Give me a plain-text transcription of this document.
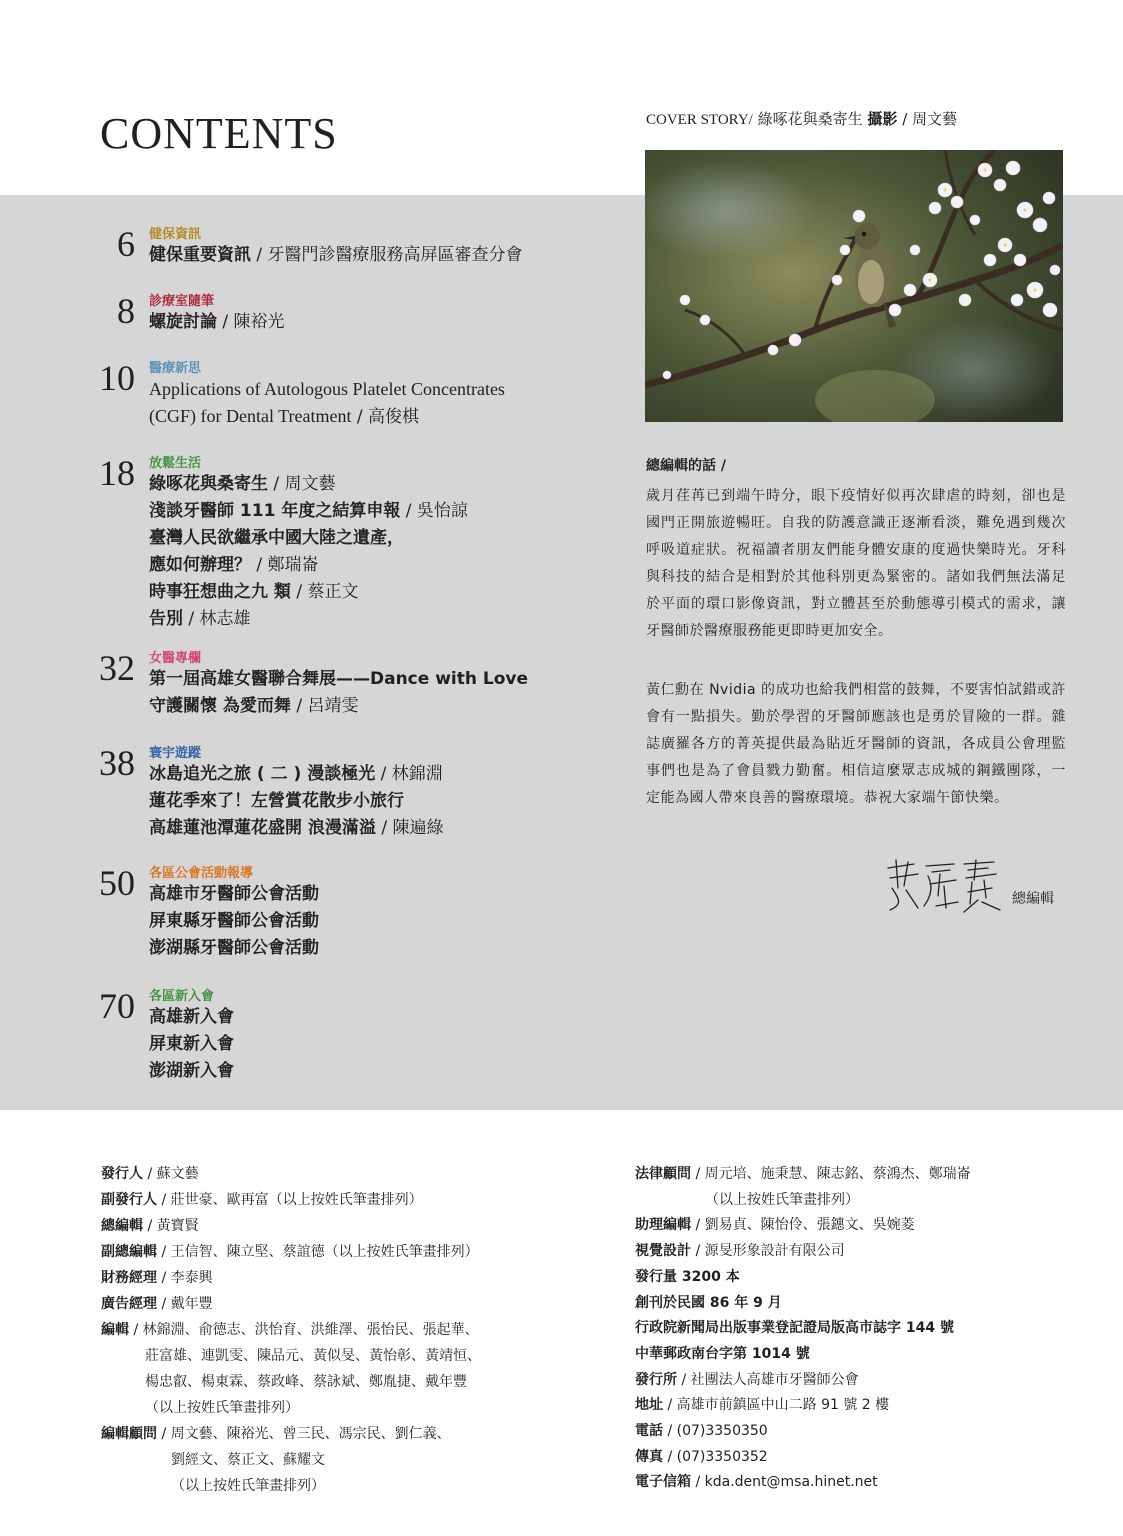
CONTENTS	COVER STORY/ 綠啄花與桑寄生 攝影 / 周文藝
6 健保資訊
健保重要資訊 / 牙醫門診醫療服務高屏區審查分會
8 診療室隨筆
螺旋討論 / 陳裕光
10 醫療新思
Applications of Autologous Platelet Concentrates
(CGF) for Dental Treatment / 高俊棋
18 放鬆生活
綠啄花與桑寄生 / 周文藝
淺談牙醫師 111 年度之結算申報 / 吳怡諒
臺灣人民欲繼承中國大陸之遺產，
應如何辦理？ / 鄭瑞崙
時事狂想曲之九 類 / 蔡正文
告別 / 林志雄
32 女醫專欄
第一屆高雄女醫聯合舞展——Dance with Love
守護關懷 為愛而舞 / 呂靖雯
38 寰宇遊蹤
冰島追光之旅 ( 二 ) 漫談極光 / 林錦淵
蓮花季來了！左營賞花散步小旅行
高雄蓮池潭蓮花盛開 浪漫滿溢 / 陳遍綠
50 各區公會活動報導
高雄市牙醫師公會活動
屏東縣牙醫師公會活動
澎湖縣牙醫師公會活動
70 各區新入會
高雄新入會
屏東新入會
澎湖新入會
總編輯的話 /

歲月荏苒已到端午時分，眼下疫情好似再次肆虐的時刻，卻也是國門正開旅遊暢旺。自我的防護意識正逐漸看淡，難免遇到幾次呼吸道症狀。祝福讀者朋友們能身體安康的度過快樂時光。牙科與科技的結合是相對於其他科別更為緊密的。諸如我們無法滿足於平面的環口影像資訊，對立體甚至於動態導引模式的需求，讓牙醫師於醫療服務能更即時更加安全。

黃仁勳在 Nvidia 的成功也給我們相當的鼓舞，不要害怕試錯或許會有一點損失。勤於學習的牙醫師應該也是勇於冒險的一群。雜誌廣羅各方的菁英提供最為貼近牙醫師的資訊，各成員公會理監事們也是為了會員戮力勤奮。相信這麼眾志成城的鋼鐵團隊，一定能為國人帶來良善的醫療環境。恭祝大家端午節快樂。

總編輯
發行人 / 蘇文藝
副發行人 / 莊世豪、歐再富（以上按姓氏筆畫排列）
總編輯 / 黃寶賢
副總編輯 / 王信智、陳立堅、蔡誼德（以上按姓氏筆畫排列）
財務經理 / 李泰興
廣告經理 / 戴年豐
編輯 / 林錦淵、俞德志、洪怡育、洪維澤、張怡民、張起華、
莊富雄、連凱雯、陳品元、黃似旻、黃怡彰、黃靖恒、
楊忠叡、楊東霖、蔡政峰、蔡詠斌、鄭胤捷、戴年豐
（以上按姓氏筆畫排列）
編輯顧問 / 周文藝、陳裕光、曾三民、馮宗民、劉仁義、
劉經文、蔡正文、蘇耀文
（以上按姓氏筆畫排列）
法律顧問 / 周元培、施秉慧、陳志銘、蔡鴻杰、鄭瑞崙
（以上按姓氏筆畫排列）
助理編輯 / 劉易貞、陳怡伶、張鏸文、吳婉菱
視覺設計 / 源旻形象設計有限公司
發行量 3200 本
創刊於民國 86 年 9 月
行政院新聞局出版事業登記證局版高市誌字 144 號
中華郵政南台字第 1014 號
發行所 / 社團法人高雄市牙醫師公會
地址 / 高雄市前鎮區中山二路 91 號 2 樓
電話 / (07)3350350
傳真 / (07)3350352
電子信箱 / kda.dent@msa.hinet.net
